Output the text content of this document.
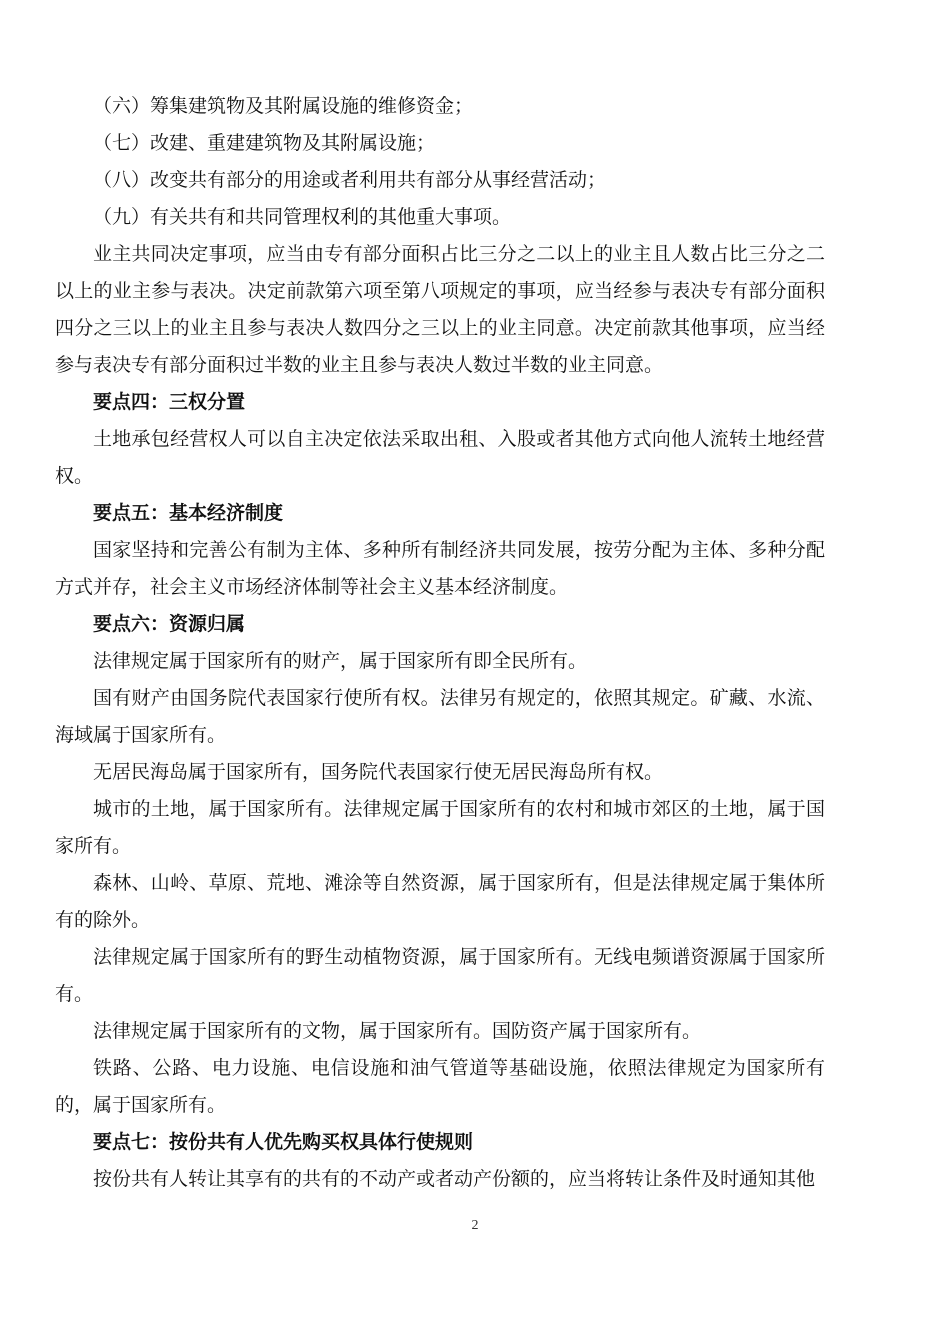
（六）筹集建筑物及其附属设施的维修资金；

（七）改建、重建建筑物及其附属设施；

（八）改变共有部分的用途或者利用共有部分从事经营活动；

（九）有关共有和共同管理权利的其他重大事项。

业主共同决定事项，应当由专有部分面积占比三分之二以上的业主且人数占比三分之二以上的业主参与表决。决定前款第六项至第八项规定的事项，应当经参与表决专有部分面积四分之三以上的业主且参与表决人数四分之三以上的业主同意。决定前款其他事项，应当经参与表决专有部分面积过半数的业主且参与表决人数过半数的业主同意。

要点四：三权分置

土地承包经营权人可以自主决定依法采取出租、入股或者其他方式向他人流转土地经营权。

要点五：基本经济制度

国家坚持和完善公有制为主体、多种所有制经济共同发展，按劳分配为主体、多种分配方式并存，社会主义市场经济体制等社会主义基本经济制度。

要点六：资源归属

法律规定属于国家所有的财产，属于国家所有即全民所有。

国有财产由国务院代表国家行使所有权。法律另有规定的，依照其规定。矿藏、水流、海域属于国家所有。

无居民海岛属于国家所有，国务院代表国家行使无居民海岛所有权。

城市的土地，属于国家所有。法律规定属于国家所有的农村和城市郊区的土地，属于国家所有。

森林、山岭、草原、荒地、滩涂等自然资源，属于国家所有，但是法律规定属于集体所有的除外。

法律规定属于国家所有的野生动植物资源，属于国家所有。无线电频谱资源属于国家所有。

法律规定属于国家所有的文物，属于国家所有。国防资产属于国家所有。

铁路、公路、电力设施、电信设施和油气管道等基础设施，依照法律规定为国家所有的，属于国家所有。

要点七：按份共有人优先购买权具体行使规则

按份共有人转让其享有的共有的不动产或者动产份额的，应当将转让条件及时通知其他

2
